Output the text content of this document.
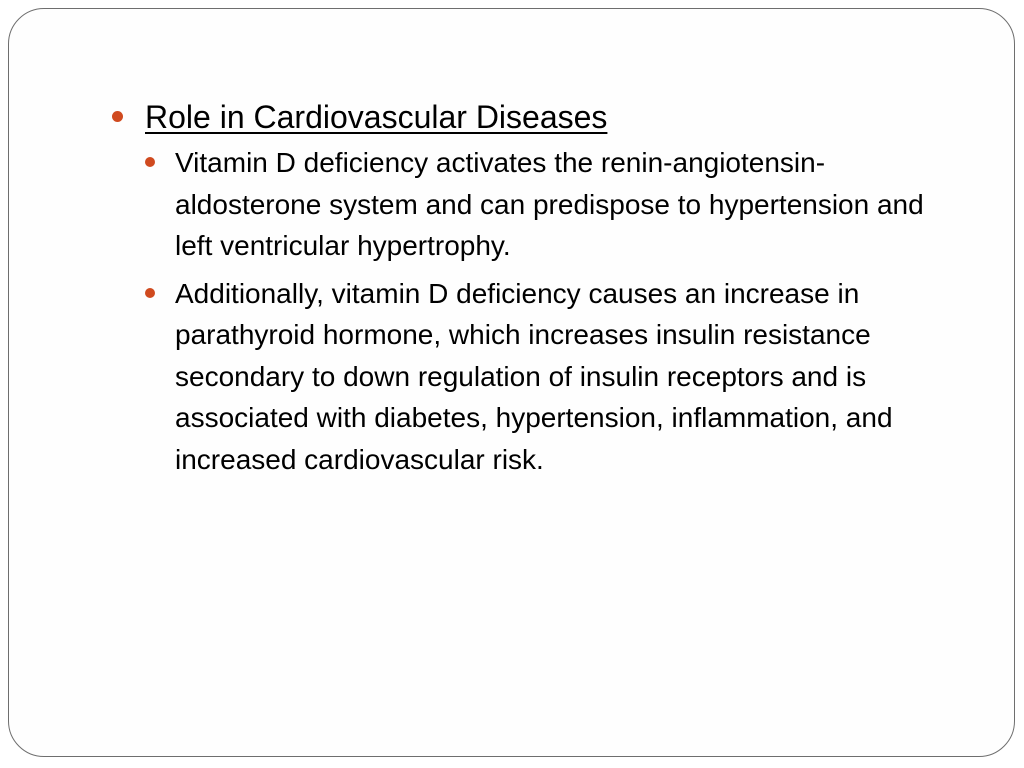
Role in Cardiovascular Diseases
Vitamin D deficiency activates the renin-angiotensin-aldosterone system and can predispose to hypertension and left ventricular hypertrophy.
Additionally, vitamin D deficiency causes an increase in parathyroid hormone, which increases insulin resistance secondary to down regulation of insulin receptors and is associated with diabetes, hypertension, inflammation, and increased cardiovascular risk.
